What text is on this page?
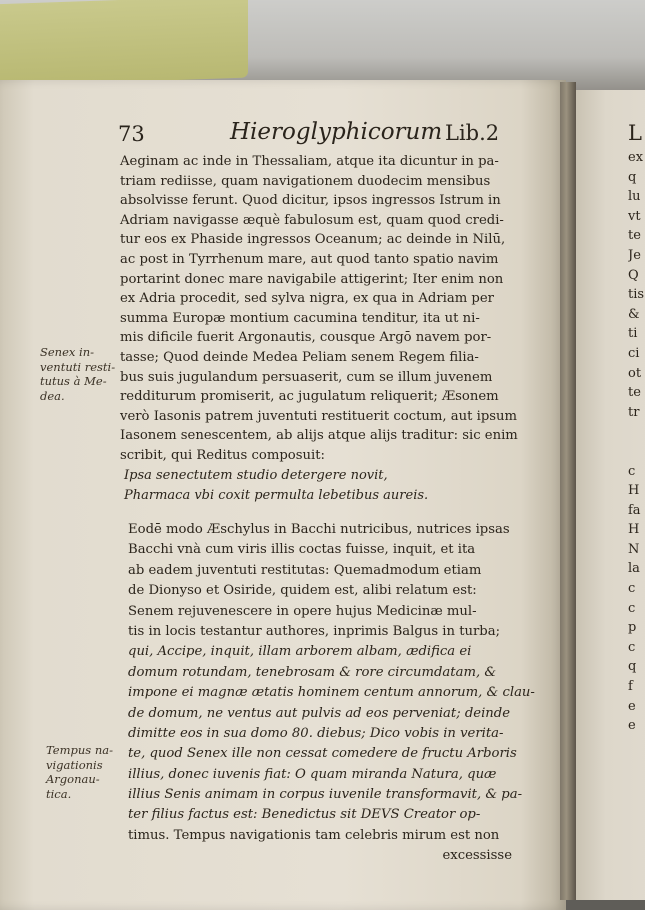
73	Hieroglyphicorum Lib.2
Aeginam ac inde in Thessaliam, atque ita dicuntur in pa-
triam rediisse, quam navigationem duodecim mensibus
absolvisse ferunt. Quod dicitur, ipsos ingressos Istrum in
Adriam navigasse æquè fabulosum est, quam quod credi-
tur eos ex Phaside ingressos Oceanum; ac deinde in Nilū,
ac post in Tyrrhenum mare, aut quod tanto spatio navim
portarint donec mare navigabile attigerint; Iter enim non
ex Adria procedit, sed sylva nigra, ex qua in Adriam per
summa Europæ montium cacumina tenditur, ita ut ni-
mis dificile fuerit Argonautis, cousque Argō navem por-
tasse; Quod deinde Medea Peliam senem Regem filia-
bus suis jugulandum persuaserit, cum se illum juvenem
redditurum promiserit, ac jugulatum reliquerit; Æsonem
verò Iasonis patrem juventuti restituerit coctum, aut ipsum
Iasonem senescentem, ab alijs atque alijs traditur: sic enim
scribit, qui Reditus composuit:
Ipsa senectutem studio detergere novit,
Pharmaca vbi coxit permulta lebetibus aureis.
Eodē modo Æschylus in Bacchi nutricibus, nutrices ipsas
Bacchi vnà cum viris illis coctas fuisse, inquit, et ita
ab eadem juventuti restitutas: Quemadmodum etiam
de Dionyso et Osiride, quidem est, alibi relatum est:
Senem rejuvenescere in opere hujus Medicinæ mul-
tis in locis testantur authores, inprimis Balgus in turba;
qui, Accipe, inquit, illam arborem albam, ædifica ei
domum rotundam, tenebrosam & rore circumdatam, &
impone ei magnæ ætatis hominem centum annorum, & clau-
de domum, ne ventus aut pulvis ad eos perveniat; deinde
dimitte eos in sua domo 80. diebus; Dico vobis in verita-
te, quod Senex ille non cessat comedere de fructu Arboris
illius, donec iuvenis fiat: O quam miranda Natura, quæ
illius Senis animam in corpus iuvenile transformavit, & pa-
ter filius factus est: Benedictus sit DEVS Creator op-
timus. Tempus navigationis tam celebris mirum est non
excessisse
Senex in-
ventuti resti-
tutus à Me-
dea.
Tempus na-
vigationis
Argonau-
tica.
L
ex
q
lu
vt
te
Je
Q
tis
&
ti
ci
ot
te
tr
c
H
fa
H
N
la
c
c
p
c
q
f
e
e
